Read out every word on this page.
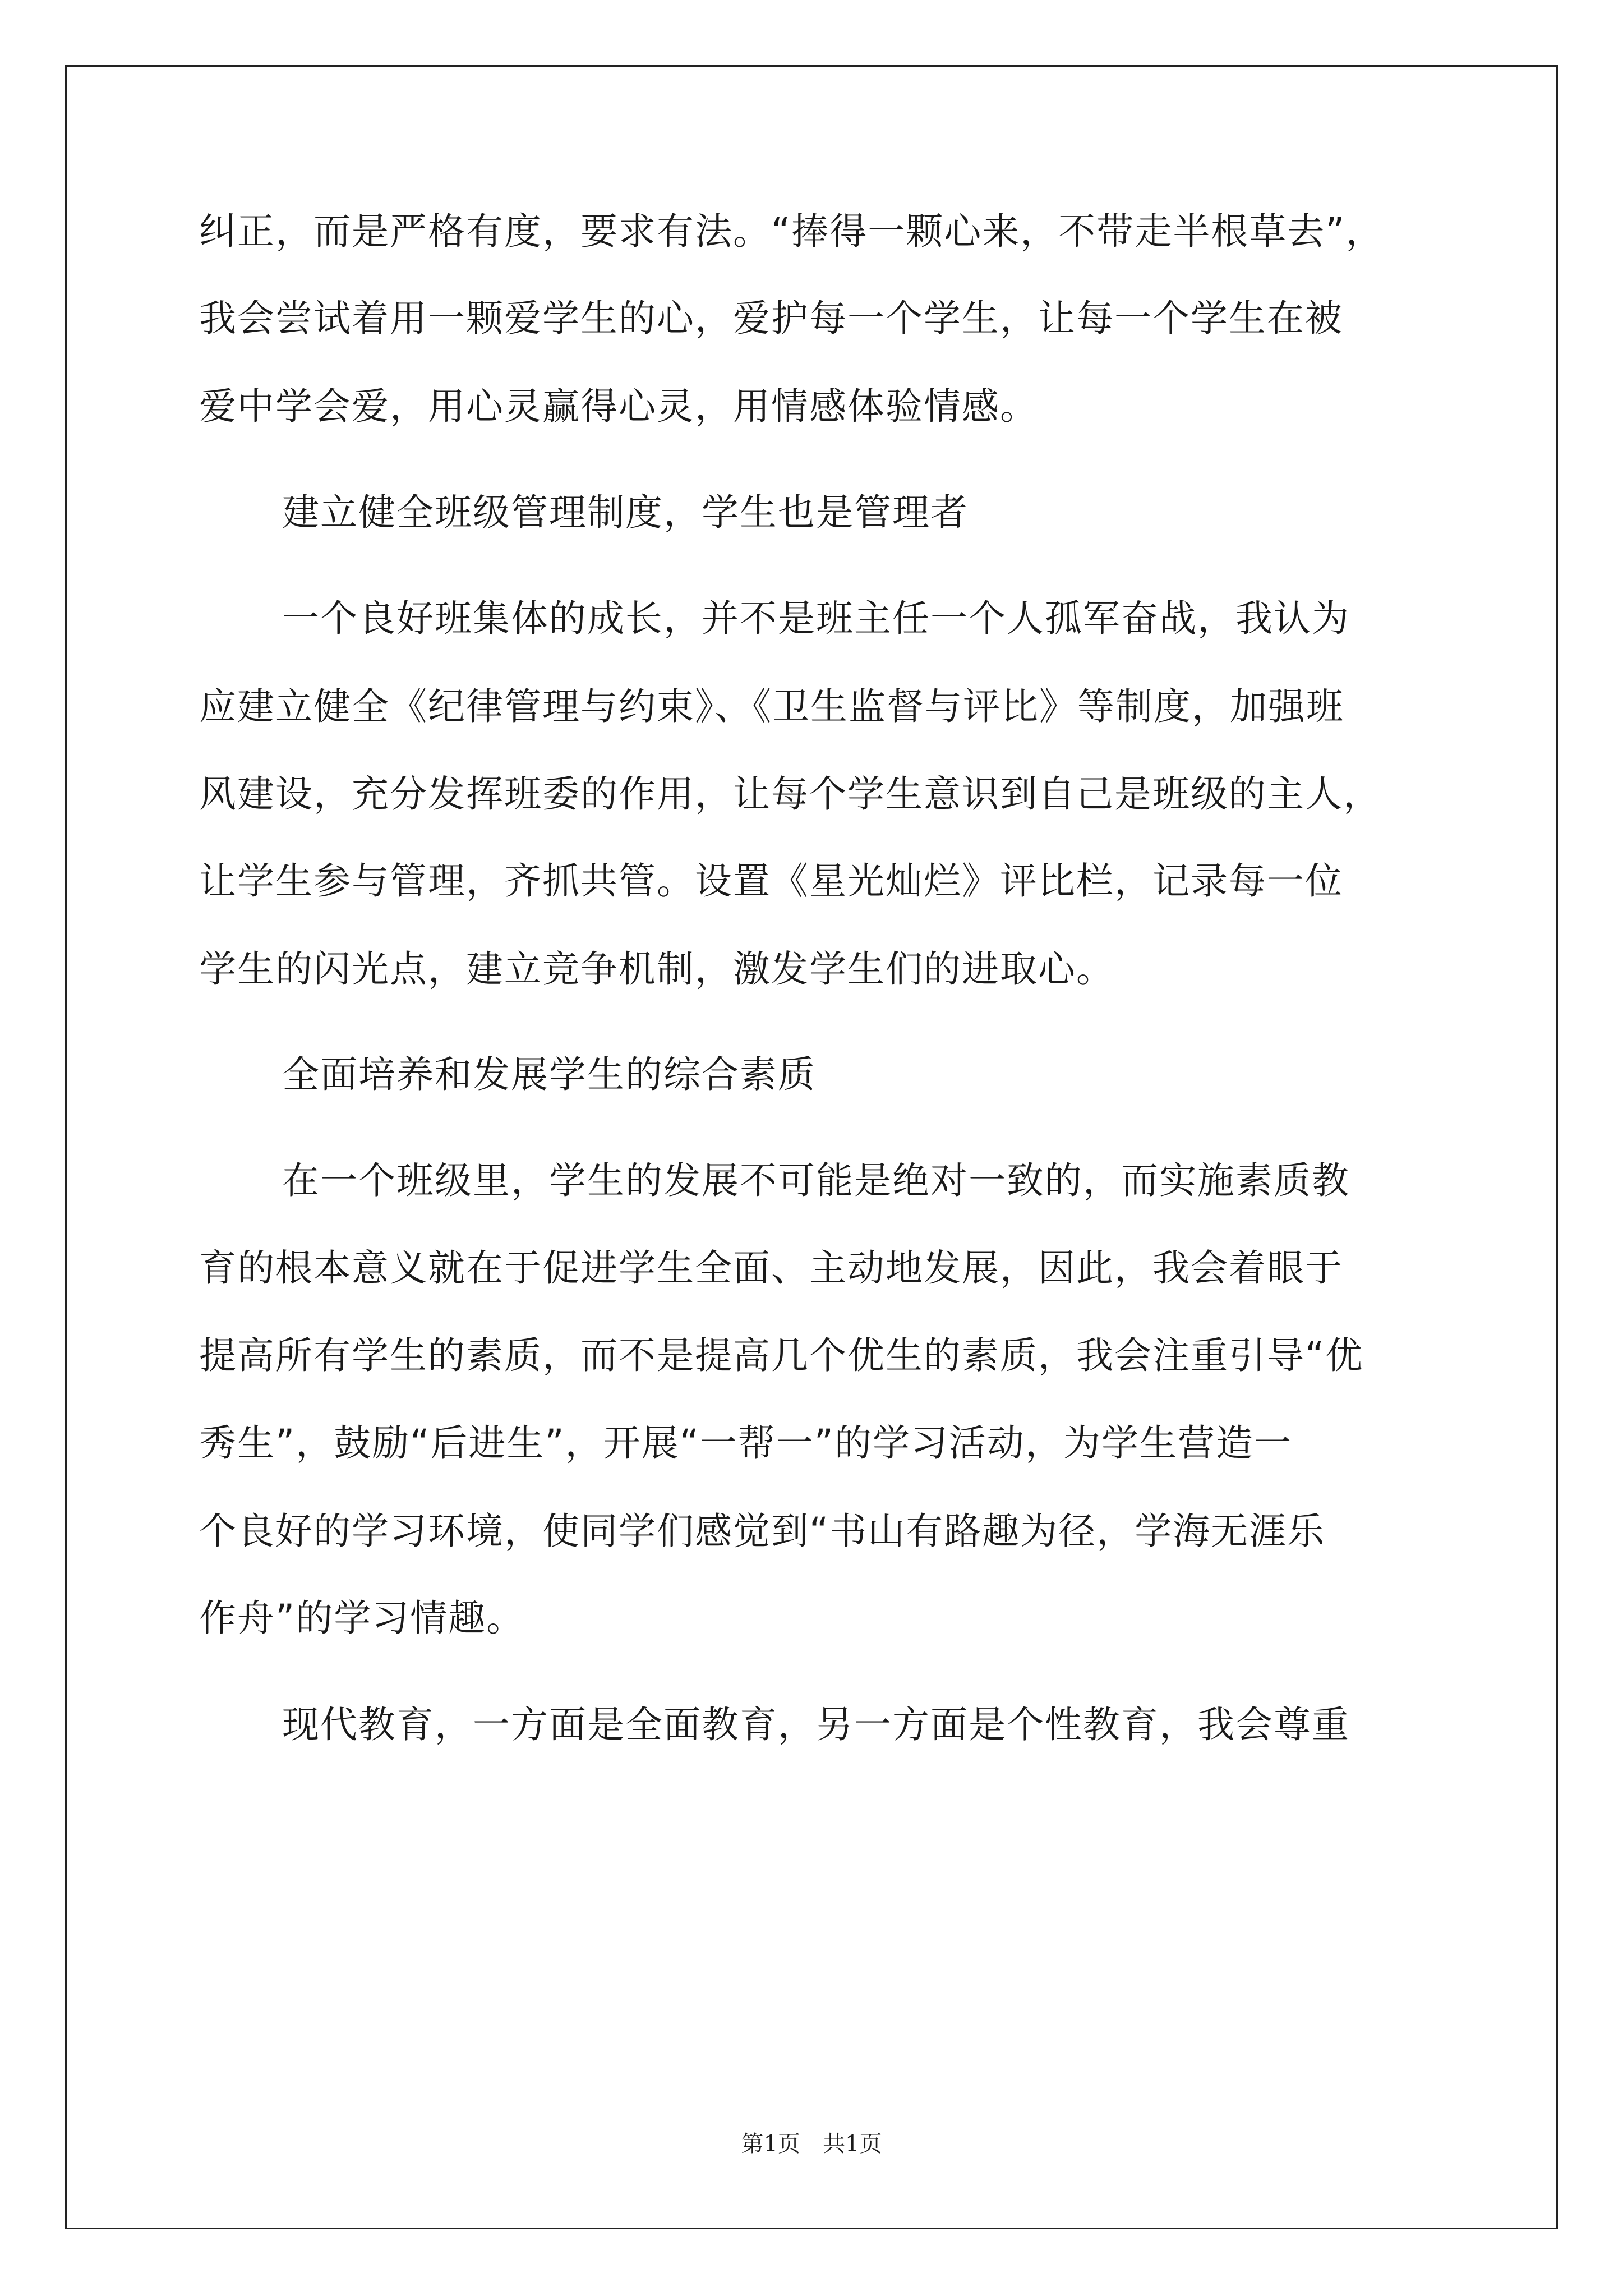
纠正，而是严格有度，要求有法。“捧得一颗心来，不带走半根草去”，
我会尝试着用一颗爱学生的心，爱护每一个学生，让每一个学生在被
爱中学会爱，用心灵赢得心灵，用情感体验情感。
建立健全班级管理制度，学生也是管理者
一个良好班集体的成长，并不是班主任一个人孤军奋战，我认为
应建立健全《纪律管理与约束》、《卫生监督与评比》等制度，加强班
风建设，充分发挥班委的作用，让每个学生意识到自己是班级的主人，
让学生参与管理，齐抓共管。设置《星光灿烂》评比栏，记录每一位
学生的闪光点，建立竞争机制，激发学生们的进取心。
全面培养和发展学生的综合素质
在一个班级里，学生的发展不可能是绝对一致的，而实施素质教
育的根本意义就在于促进学生全面、主动地发展，因此，我会着眼于
提高所有学生的素质，而不是提高几个优生的素质，我会注重引导“优
秀生”，鼓励“后进生”，开展“一帮一”的学习活动，为学生营造一
个良好的学习环境，使同学们感觉到“书山有路趣为径，学海无涯乐
作舟”的学习情趣。
现代教育，一方面是全面教育，另一方面是个性教育，我会尊重
第1页 共1页
